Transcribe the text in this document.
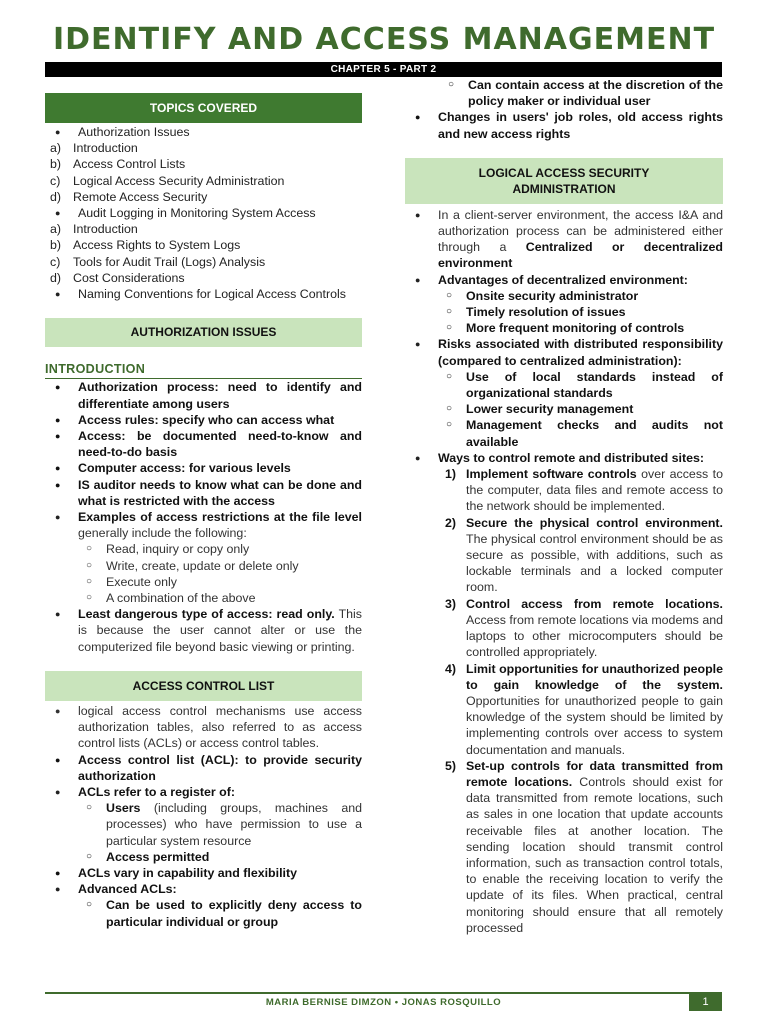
IDENTIFY AND ACCESS MANAGEMENT
CHAPTER 5 - PART 2
TOPICS COVERED
● Authorization Issues
a) Introduction
b) Access Control Lists
c) Logical Access Security Administration
d) Remote Access Security
● Audit Logging in Monitoring System Access
a) Introduction
b) Access Rights to System Logs
c) Tools for Audit Trail (Logs) Analysis
d) Cost Considerations
● Naming Conventions for Logical Access Controls
AUTHORIZATION ISSUES
INTRODUCTION
● Authorization process: need to identify and differentiate among users
● Access rules: specify who can access what
● Access: be documented need-to-know and need-to-do basis
● Computer access: for various levels
● IS auditor needs to know what can be done and what is restricted with the access
● Examples of access restrictions at the file level generally include the following:
○ Read, inquiry or copy only
○ Write, create, update or delete only
○ Execute only
○ A combination of the above
● Least dangerous type of access: read only. This is because the user cannot alter or use the computerized file beyond basic viewing or printing.
ACCESS CONTROL LIST
● logical access control mechanisms use access authorization tables, also referred to as access control lists (ACLs) or access control tables.
● Access control list (ACL): to provide security authorization
● ACLs refer to a register of:
○ Users (including groups, machines and processes) who have permission to use a particular system resource
○ Access permitted
● ACLs vary in capability and flexibility
● Advanced ACLs:
○ Can be used to explicitly deny access to particular individual or group
○ Can contain access at the discretion of the policy maker or individual user
● Changes in users' job roles, old access rights and new access rights
LOGICAL ACCESS SECURITY ADMINISTRATION
● In a client-server environment, the access I&A and authorization process can be administered either through a Centralized or decentralized environment
● Advantages of decentralized environment:
○ Onsite security administrator
○ Timely resolution of issues
○ More frequent monitoring of controls
● Risks associated with distributed responsibility (compared to centralized administration):
○ Use of local standards instead of organizational standards
○ Lower security management
○ Management checks and audits not available
● Ways to control remote and distributed sites:
1) Implement software controls over access to the computer, data files and remote access to the network should be implemented.
2) Secure the physical control environment. The physical control environment should be as secure as possible, with additions, such as lockable terminals and a locked computer room.
3) Control access from remote locations. Access from remote locations via modems and laptops to other microcomputers should be controlled appropriately.
4) Limit opportunities for unauthorized people to gain knowledge of the system. Opportunities for unauthorized people to gain knowledge of the system should be limited by implementing controls over access to system documentation and manuals.
5) Set-up controls for data transmitted from remote locations. Controls should exist for data transmitted from remote locations, such as sales in one location that update accounts receivable files at another location. The sending location should transmit control information, such as transaction control totals, to enable the receiving location to verify the update of its files. When practical, central monitoring should ensure that all remotely processed
MARIA BERNISE DIMZON • JONAS ROSQUILLO	1
